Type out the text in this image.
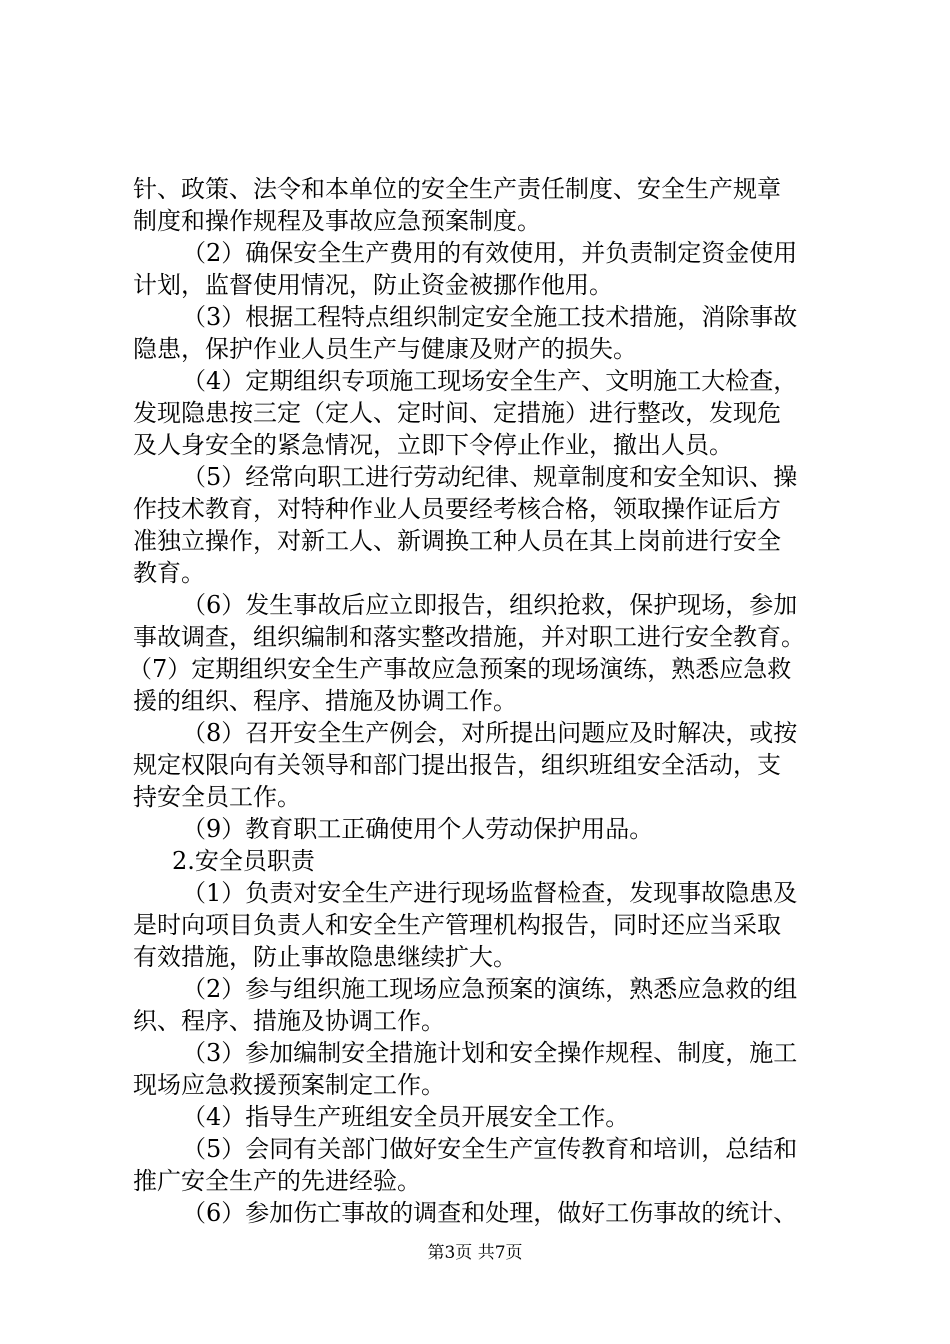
针、政策、法令和本单位的安全生产责任制度、安全生产规章
制度和操作规程及事故应急预案制度。
（2）确保安全生产费用的有效使用，并负责制定资金使用
计划，监督使用情况，防止资金被挪作他用。
（3）根据工程特点组织制定安全施工技术措施，消除事故
隐患，保护作业人员生产与健康及财产的损失。
（4）定期组织专项施工现场安全生产、文明施工大检查，
发现隐患按三定（定人、定时间、定措施）进行整改，发现危
及人身安全的紧急情况，立即下令停止作业，撤出人员。
（5）经常向职工进行劳动纪律、规章制度和安全知识、操
作技术教育，对特种作业人员要经考核合格，领取操作证后方
准独立操作，对新工人、新调换工种人员在其上岗前进行安全
教育。
（6）发生事故后应立即报告，组织抢救，保护现场，参加
事故调查，组织编制和落实整改措施，并对职工进行安全教育。
（7）定期组织安全生产事故应急预案的现场演练，熟悉应急救
援的组织、程序、措施及协调工作。
（8）召开安全生产例会，对所提出问题应及时解决，或按
规定权限向有关领导和部门提出报告，组织班组安全活动，支
持安全员工作。
（9）教育职工正确使用个人劳动保护用品。
2.安全员职责
（1）负责对安全生产进行现场监督检查，发现事故隐患及
是时向项目负责人和安全生产管理机构报告，同时还应当采取
有效措施，防止事故隐患继续扩大。
（2）参与组织施工现场应急预案的演练，熟悉应急救的组
织、程序、措施及协调工作。
（3）参加编制安全措施计划和安全操作规程、制度，施工
现场应急救援预案制定工作。
（4）指导生产班组安全员开展安全工作。
（5）会同有关部门做好安全生产宣传教育和培训，总结和
推广安全生产的先进经验。
（6）参加伤亡事故的调查和处理，做好工伤事故的统计、
第3页 共7页
